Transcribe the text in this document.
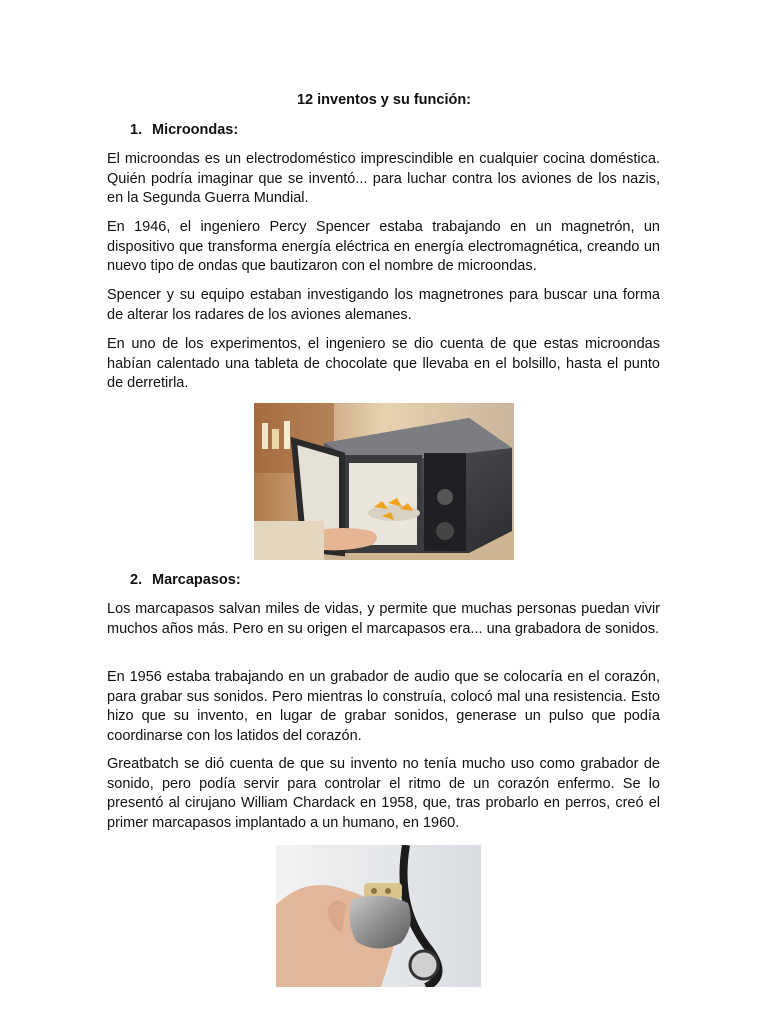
12 inventos y su función:
1. Microondas:

El microondas es un electrodoméstico imprescindible en cualquier cocina doméstica. Quién podría imaginar que se inventó... para luchar contra los aviones de los nazis, en la Segunda Guerra Mundial.

En 1946, el ingeniero Percy Spencer estaba trabajando en un magnetrón, un dispositivo que transforma energía eléctrica en energía electromagnética, creando un nuevo tipo de ondas que bautizaron con el nombre de microondas.

Spencer y su equipo estaban investigando los magnetrones para buscar una forma de alterar los radares de los aviones alemanes.

En uno de los experimentos, el ingeniero se dio cuenta de que estas microondas habían calentado una tableta de chocolate que llevaba en el bolsillo, hasta el punto de derretirla.

2. Marcapasos:

Los marcapasos salvan miles de vidas, y permite que muchas personas puedan vivir muchos años más. Pero en su origen el marcapasos era... una grabadora de sonidos.

En 1956 estaba trabajando en un grabador de audio que se colocaría en el corazón, para grabar sus sonidos. Pero mientras lo construía, colocó mal una resistencia. Esto hizo que su invento, en lugar de grabar sonidos, generase un pulso que podía coordinarse con los latidos del corazón.

Greatbatch se dió cuenta de que su invento no tenía mucho uso como grabador de sonido, pero podía servir para controlar el ritmo de un corazón enfermo. Se lo presentó al cirujano William Chardack en 1958, que, tras probarlo en perros, creó el primer marcapasos implantado a un humano, en 1960.
